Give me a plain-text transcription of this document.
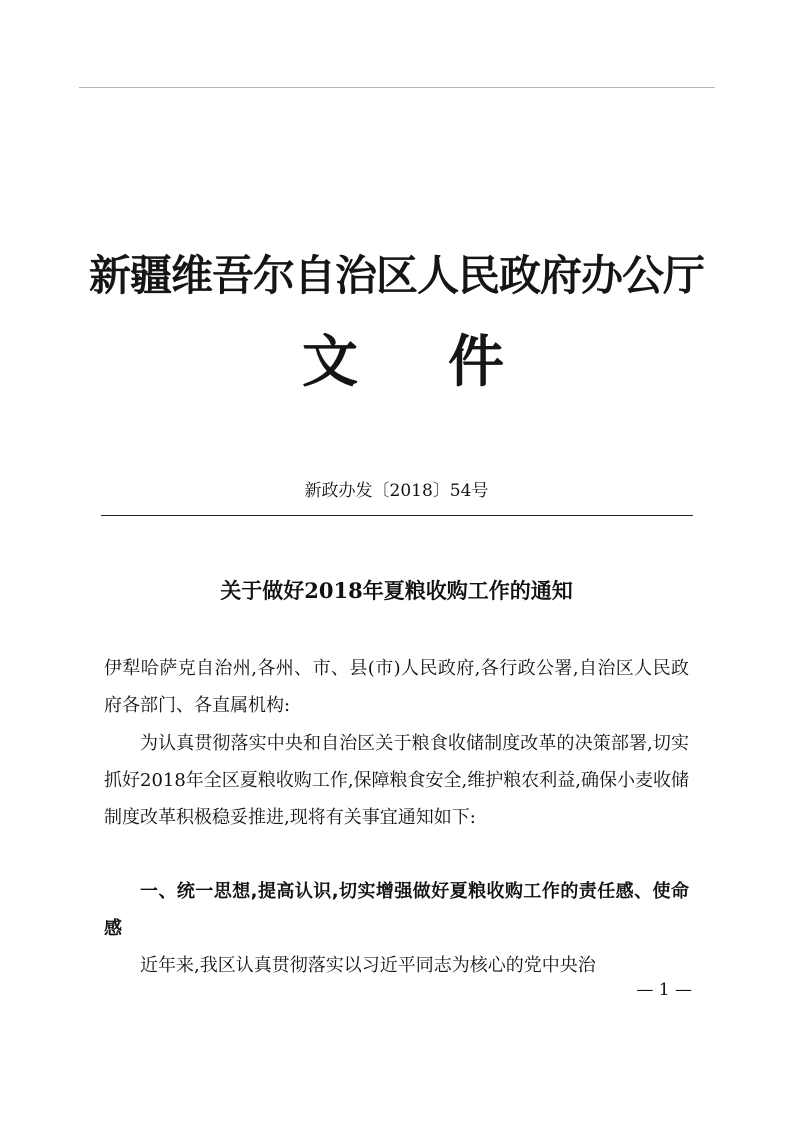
新疆维吾尔自治区人民政府办公厅
文件
新政办发〔2018〕54号
关于做好2018年夏粮收购工作的通知
伊犁哈萨克自治州,各州、市、县(市)人民政府,各行政公署,自治区人民政府各部门、各直属机构:
为认真贯彻落实中央和自治区关于粮食收储制度改革的决策部署,切实抓好2018年全区夏粮收购工作,保障粮食安全,维护粮农利益,确保小麦收储制度改革积极稳妥推进,现将有关事宜通知如下:
一、统一思想,提高认识,切实增强做好夏粮收购工作的责任感、使命感
近年来,我区认真贯彻落实以习近平同志为核心的党中央治
— 1 —
